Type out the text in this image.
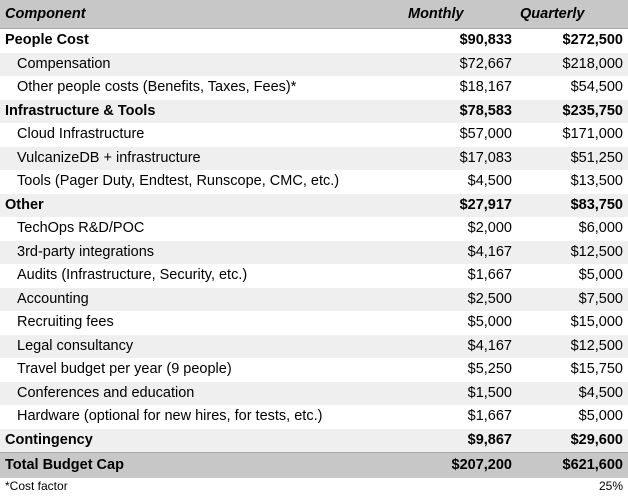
Component	Monthly	Quarterly
People Cost	$90,833	$272,500
Compensation	$72,667	$218,000
Other people costs (Benefits, Taxes, Fees)*	$18,167	$54,500
Infrastructure & Tools	$78,583	$235,750
Cloud Infrastructure	$57,000	$171,000
VulcanizeDB + infrastructure	$17,083	$51,250
Tools (Pager Duty, Endtest, Runscope, CMC, etc.)	$4,500	$13,500
Other	$27,917	$83,750
TechOps R&D/POC	$2,000	$6,000
3rd-party integrations	$4,167	$12,500
Audits (Infrastructure, Security, etc.)	$1,667	$5,000
Accounting	$2,500	$7,500
Recruiting fees	$5,000	$15,000
Legal consultancy	$4,167	$12,500
Travel budget per year (9 people)	$5,250	$15,750
Conferences and education	$1,500	$4,500
Hardware (optional for new hires, for tests, etc.)	$1,667	$5,000
Contingency	$9,867	$29,600
Total Budget Cap	$207,200	$621,600
*Cost factor	25%
